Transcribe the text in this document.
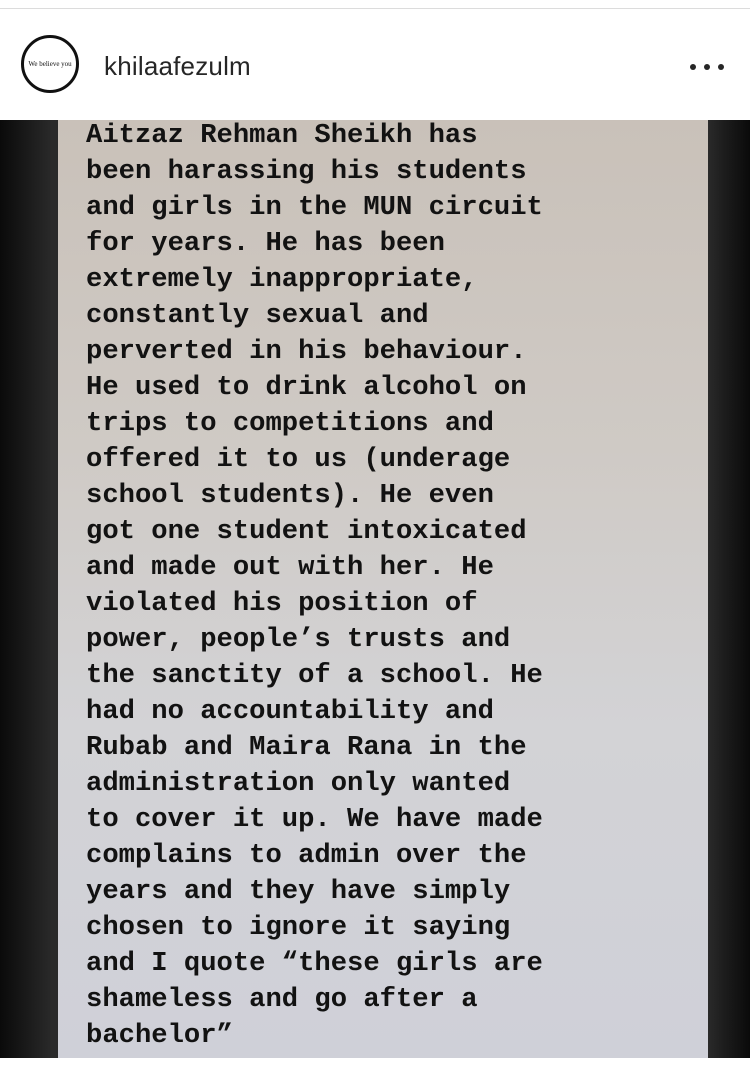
We believe you khilaafezulm
Aitzaz Rehman Sheikh has
been harassing his students
and girls in the MUN circuit
for years. He has been
extremely inappropriate,
constantly sexual and
perverted in his behaviour.
He used to drink alcohol on
trips to competitions and
offered it to us (underage
school students). He even
got one student intoxicated
and made out with her. He
violated his position of
power, people’s trusts and
the sanctity of a school. He
had no accountability and
Rubab and Maira Rana in the
administration only wanted
to cover it up. We have made
complains to admin over the
years and they have simply
chosen to ignore it saying
and I quote “these girls are
shameless and go after a
bachelor”
